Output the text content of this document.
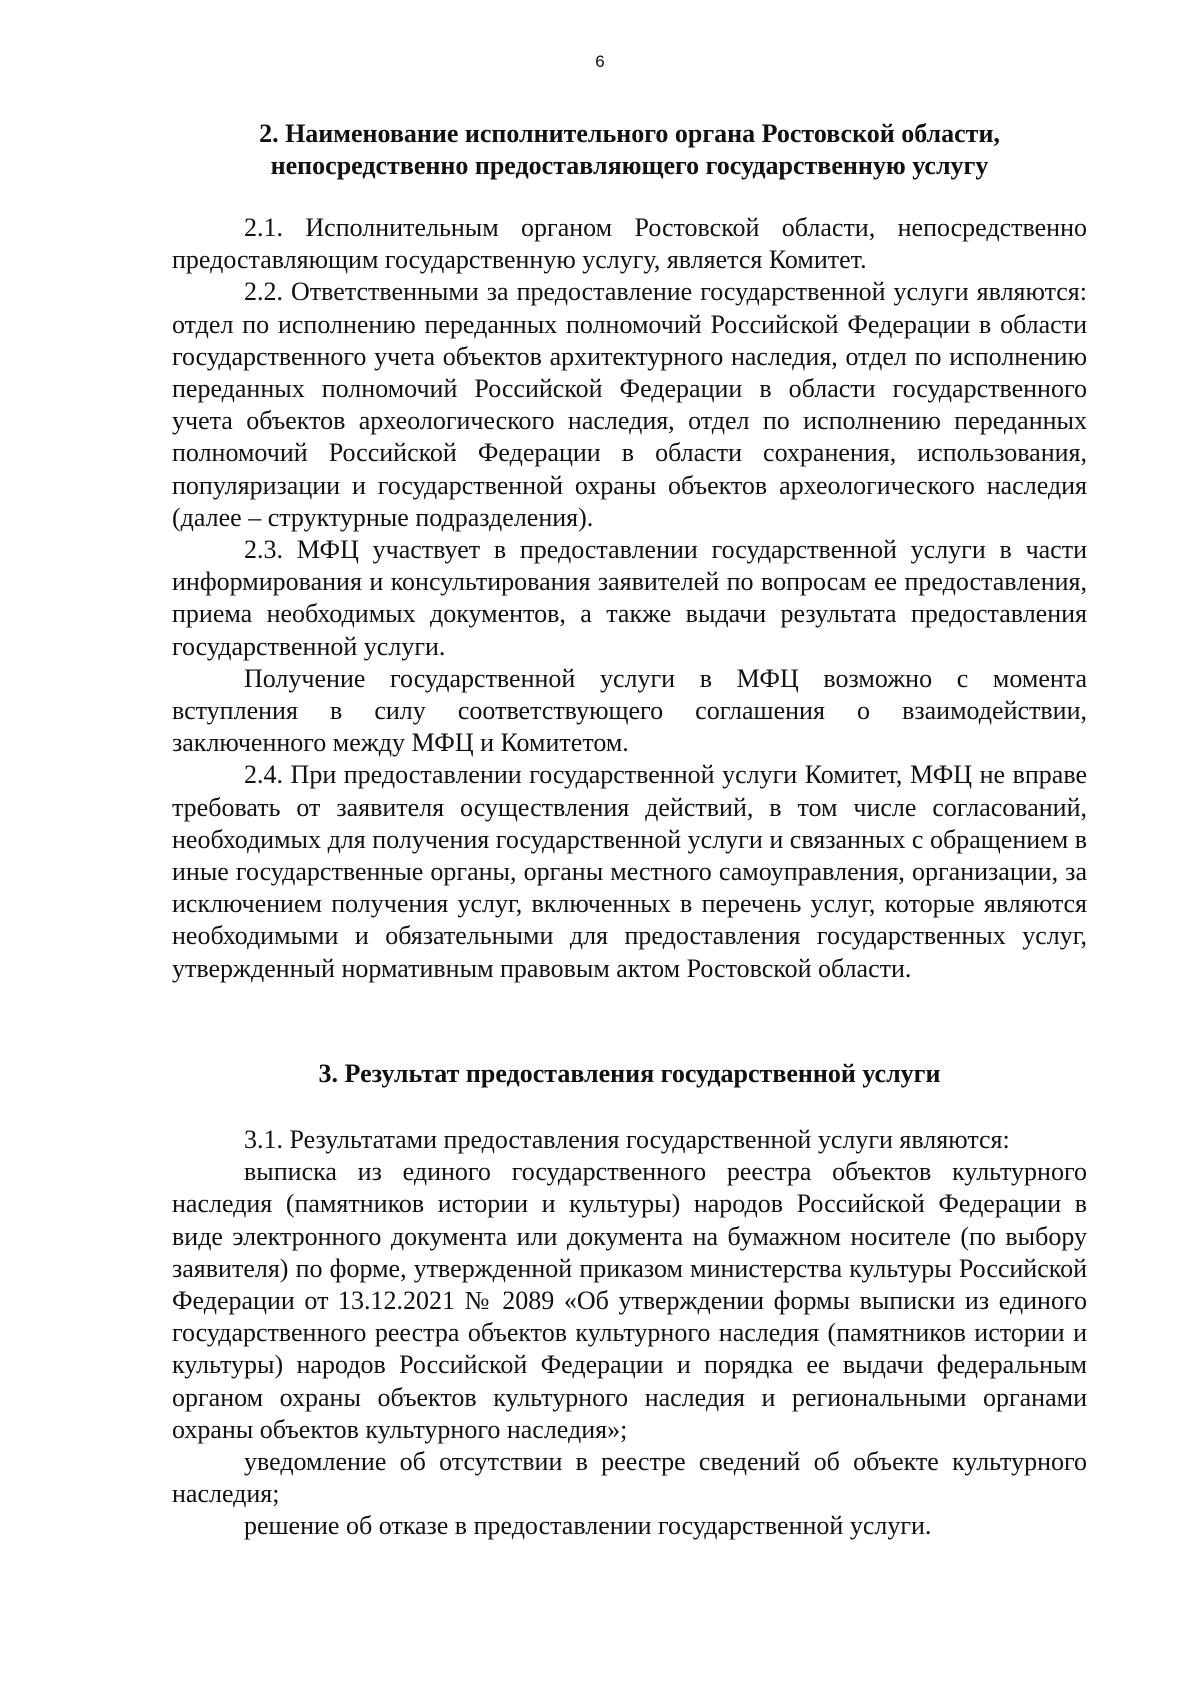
6
2. Наименование исполнительного органа Ростовской области,
непосредственно предоставляющего государственную услугу

2.1. Исполнительным органом Ростовской области, непосредственно предоставляющим государственную услугу, является Комитет.

2.2. Ответственными за предоставление государственной услуги являются: отдел по исполнению переданных полномочий Российской Федерации в области государственного учета объектов архитектурного наследия, отдел по исполнению переданных полномочий Российской Федерации в области государственного учета объектов археологического наследия, отдел по исполнению переданных полномочий Российской Федерации в области сохранения, использования, популяризации и государственной охраны объектов археологического наследия (далее – структурные подразделения).

2.3. МФЦ участвует в предоставлении государственной услуги в части информирования и консультирования заявителей по вопросам ее предоставления, приема необходимых документов, а также выдачи результата предоставления государственной услуги.

Получение государственной услуги в МФЦ возможно с момента вступления в силу соответствующего соглашения о взаимодействии, заключенного между МФЦ и Комитетом.

2.4. При предоставлении государственной услуги Комитет, МФЦ не вправе требовать от заявителя осуществления действий, в том числе согласований, необходимых для получения государственной услуги и связанных с обращением в иные государственные органы, органы местного самоуправления, организации, за исключением получения услуг, включенных в перечень услуг, которые являются необходимыми и обязательными для предоставления государственных услуг, утвержденный нормативным правовым актом Ростовской области.

3. Результат предоставления государственной услуги

3.1. Результатами предоставления государственной услуги являются:

выписка из единого государственного реестра объектов культурного наследия (памятников истории и культуры) народов Российской Федерации в виде электронного документа или документа на бумажном носителе (по выбору заявителя) по форме, утвержденной приказом министерства культуры Российской Федерации от 13.12.2021 № 2089 «Об утверждении формы выписки из единого государственного реестра объектов культурного наследия (памятников истории и культуры) народов Российской Федерации и порядка ее выдачи федеральным органом охраны объектов культурного наследия и региональными органами охраны объектов культурного наследия»;

уведомление об отсутствии в реестре сведений об объекте культурного наследия;

решение об отказе в предоставлении государственной услуги.
